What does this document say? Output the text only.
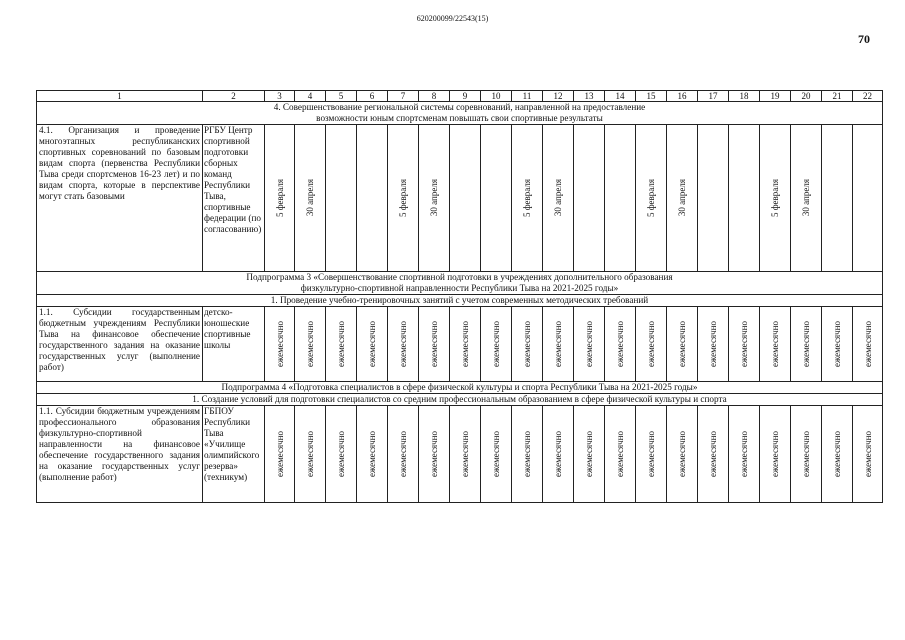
620200099/22543(15)
70
1	2	3	4	5	6	7	8	9	10	11	12	13	14	15	16	17	18	19	20	21	22

4. Совершенствование региональной системы соревнований, направленной на предоставление
возможности юным спортсменам повышать свои спортивные результаты																					

4.1. Организация и проведение многоэтапных республиканских спортивных соревнований по базовым видам спорта (первенства Республики Тыва среди спортсменов 16-23 лет) и по видам спорта, которые в перспективе могут стать базовыми	РГБУ Центр спортивной подготовки сборных команд Республики Тыва, спортивные федерации (по согласованию)	5 февраля	30 апреля			5 февраля	30 апреля			5 февраля	30 апреля			5 февраля	30 апреля			5 февраля	30 апреля		

Подпрограмма 3 «Совершенствование спортивной подготовки в учреждениях дополнительного образования
физкультурно-спортивной направленности Республики Тыва на 2021-2025 годы»																					

1. Проведение учебно-тренировочных занятий с учетом современных методических требований																					
1.1. Субсидии государственным бюджетным учреждениям Республики Тыва на финансовое обеспечение государственного задания на оказание государственных услуг (выполнение работ)	детско-юношеские спортивные школы	ежемесячно	ежемесячно	ежемесячно	ежемесячно	ежемесячно	ежемесячно	ежемесячно	ежемесячно	ежемесячно	ежемесячно	ежемесячно	ежемесячно	ежемесячно	ежемесячно	ежемесячно	ежемесячно	ежемесячно	ежемесячно	ежемесячно	ежемесячно

Подпрограмма 4 «Подготовка специалистов в сфере физической культуры и спорта Республики Тыва на 2021-2025 годы»																					
1. Создание условий для подготовки специалистов со средним профессиональным образованием в сфере физической культуры и спорта																					
1.1. Субсидии бюджетным учреждениям профессионального образования физкультурно-спортивной направленности на финансовое обеспечение государственного задания на оказание государственных услуг (выполнение работ)	ГБПОУ Республики Тыва «Училище олимпийского резерва» (техникум)	ежемесячно	ежемесячно	ежемесячно	ежемесячно	ежемесячно	ежемесячно	ежемесячно	ежемесячно	ежемесячно	ежемесячно	ежемесячно	ежемесячно	ежемесячно	ежемесячно	ежемесячно	ежемесячно	ежемесячно	ежемесячно	ежемесячно	ежемесячно
